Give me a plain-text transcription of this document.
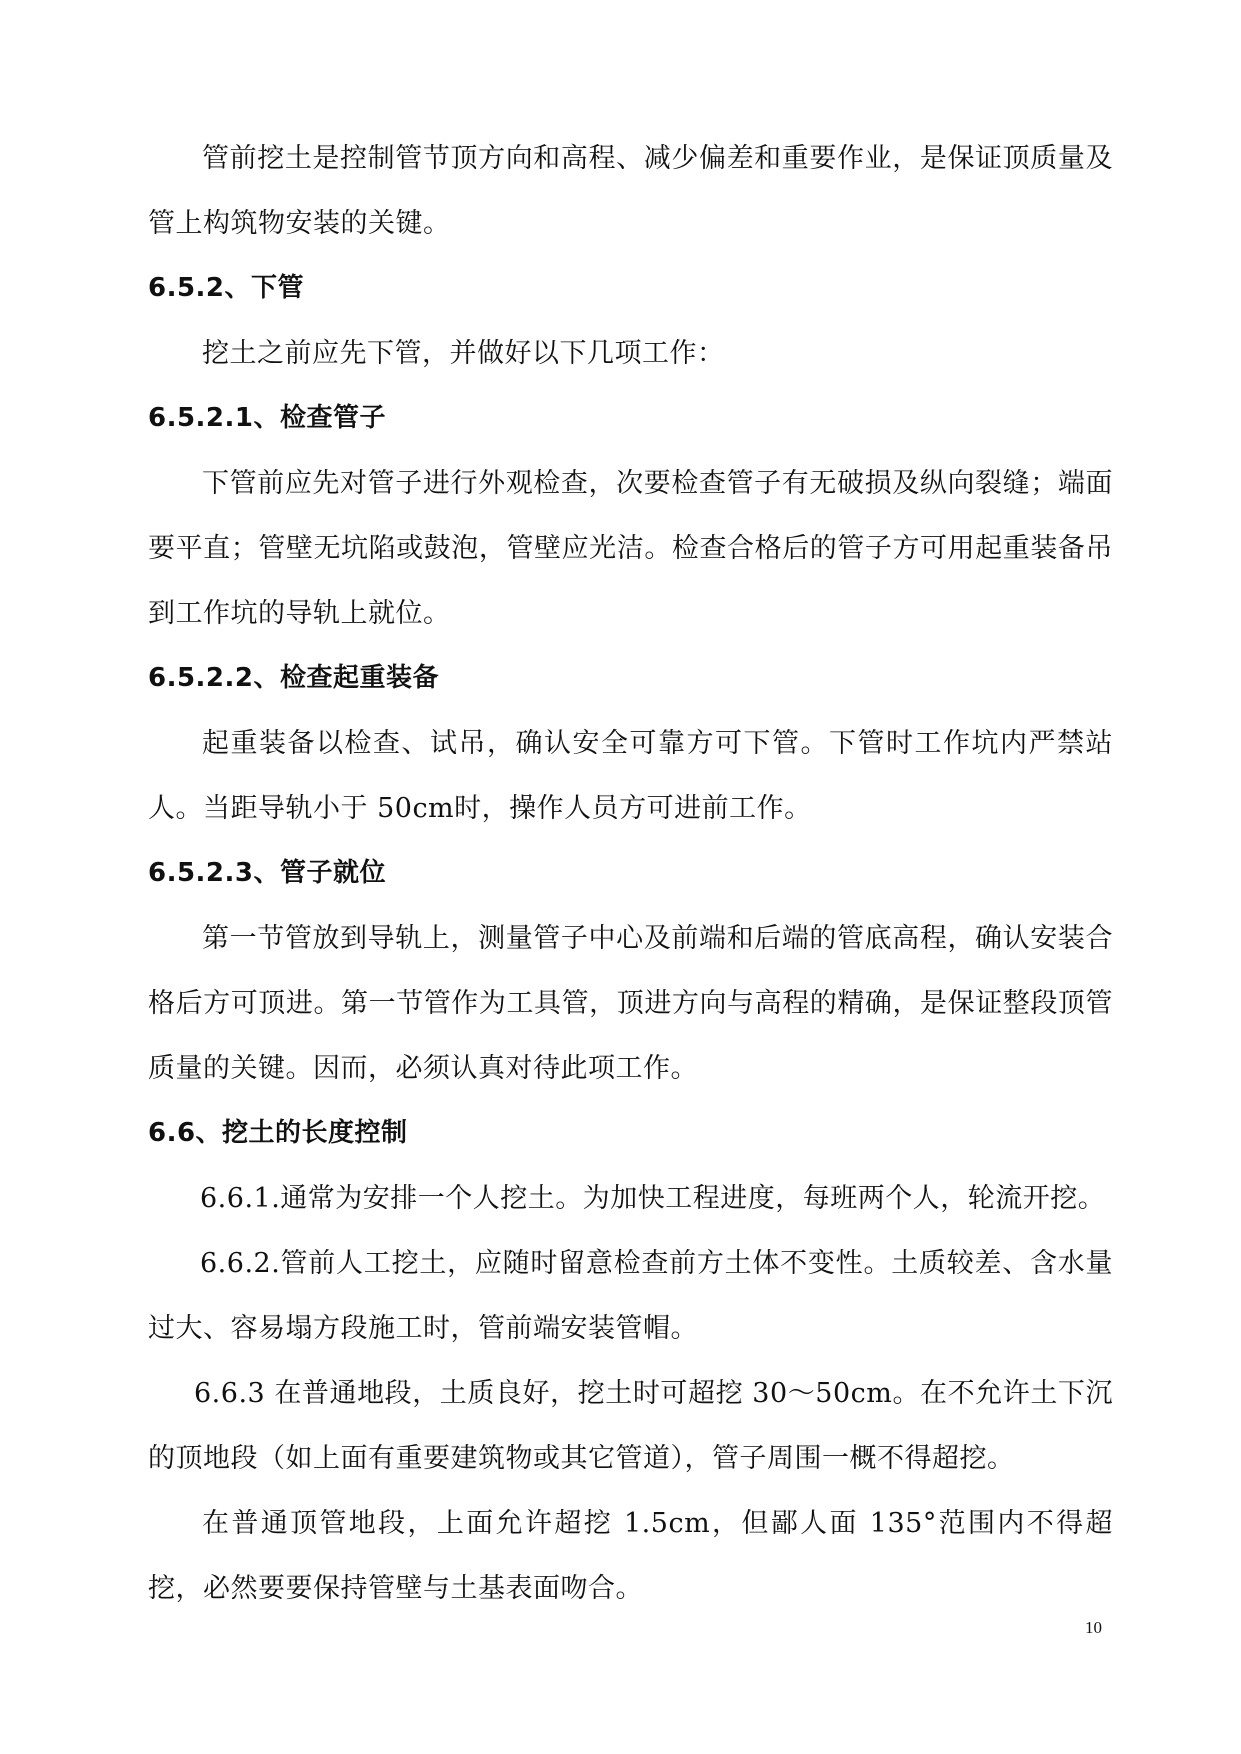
管前挖土是控制管节顶方向和高程、减少偏差和重要作业，是保证顶质量及管上构筑物安装的关键。

6.5.2、下管

挖土之前应先下管，并做好以下几项工作：

6.5.2.1、检查管子

下管前应先对管子进行外观检查，次要检查管子有无破损及纵向裂缝；端面要平直；管壁无坑陷或鼓泡，管壁应光洁。检查合格后的管子方可用起重装备吊到工作坑的导轨上就位。

6.5.2.2、检查起重装备

起重装备以检查、试吊，确认安全可靠方可下管。下管时工作坑内严禁站人。当距导轨小于 50cm时，操作人员方可进前工作。

6.5.2.3、管子就位

第一节管放到导轨上，测量管子中心及前端和后端的管底高程，确认安装合格后方可顶进。第一节管作为工具管，顶进方向与高程的精确，是保证整段顶管质量的关键。因而，必须认真对待此项工作。

6.6、挖土的长度控制

6.6.1.通常为安排一个人挖土。为加快工程进度，每班两个人，轮流开挖。

6.6.2.管前人工挖土，应随时留意检查前方土体不变性。土质较差、含水量过大、容易塌方段施工时，管前端安装管帽。

6.6.3 在普通地段，土质良好，挖土时可超挖 30～50cm。在不允许土下沉的顶地段（如上面有重要建筑物或其它管道），管子周围一概不得超挖。

在普通顶管地段，上面允许超挖 1.5cm，但鄙人面 135°范围内不得超挖，必然要要保持管壁与土基表面吻合。

10
